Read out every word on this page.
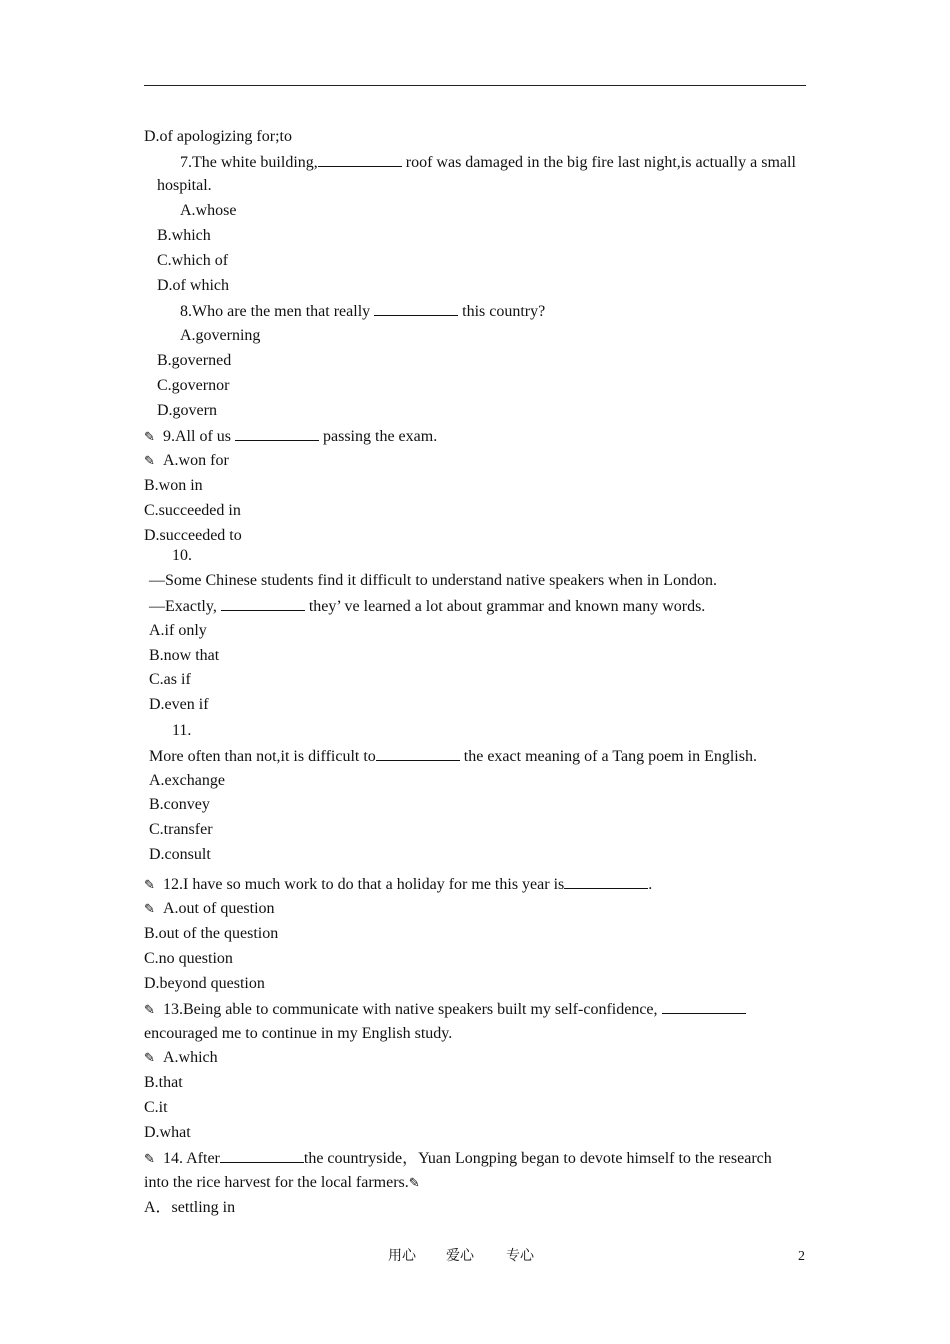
D.of apologizing for;to
7.The white building,	roof was damaged in the big fire last night,is actually a small
hospital.
A.whose
B.which
C.which of
D.of which
8.Who are the men that really	this country?
A.governing
B.governed
C.governor
D.govern
✎9.All of us	passing the exam.
✎A.won for
B.won in
C.succeeded in
D.succeeded to
10.
—Some Chinese students find it difficult to understand native speakers when in London.
—Exactly,	they’ ve learned a lot about grammar and known many words.
A.if only
B.now that
C.as if
D.even if
11.
More often than not,it is difficult to	the exact meaning of a Tang poem in English.
A.exchange
B.convey
C.transfer
D.consult
✎12.I have so much work to do that a holiday for me this year is	.
✎A.out of question
B.out of the question
C.no question
D.beyond question
✎13.Being able to communicate with native speakers built my self-confidence,
encouraged me to continue in my English study.
✎A.which
B.that
C.it
D.what
✎14. After	the countryside，Yuan Longping began to devote himself to the research
into the rice harvest for the local farmers.✎
A．settling in
用心 爱心 专心	2
